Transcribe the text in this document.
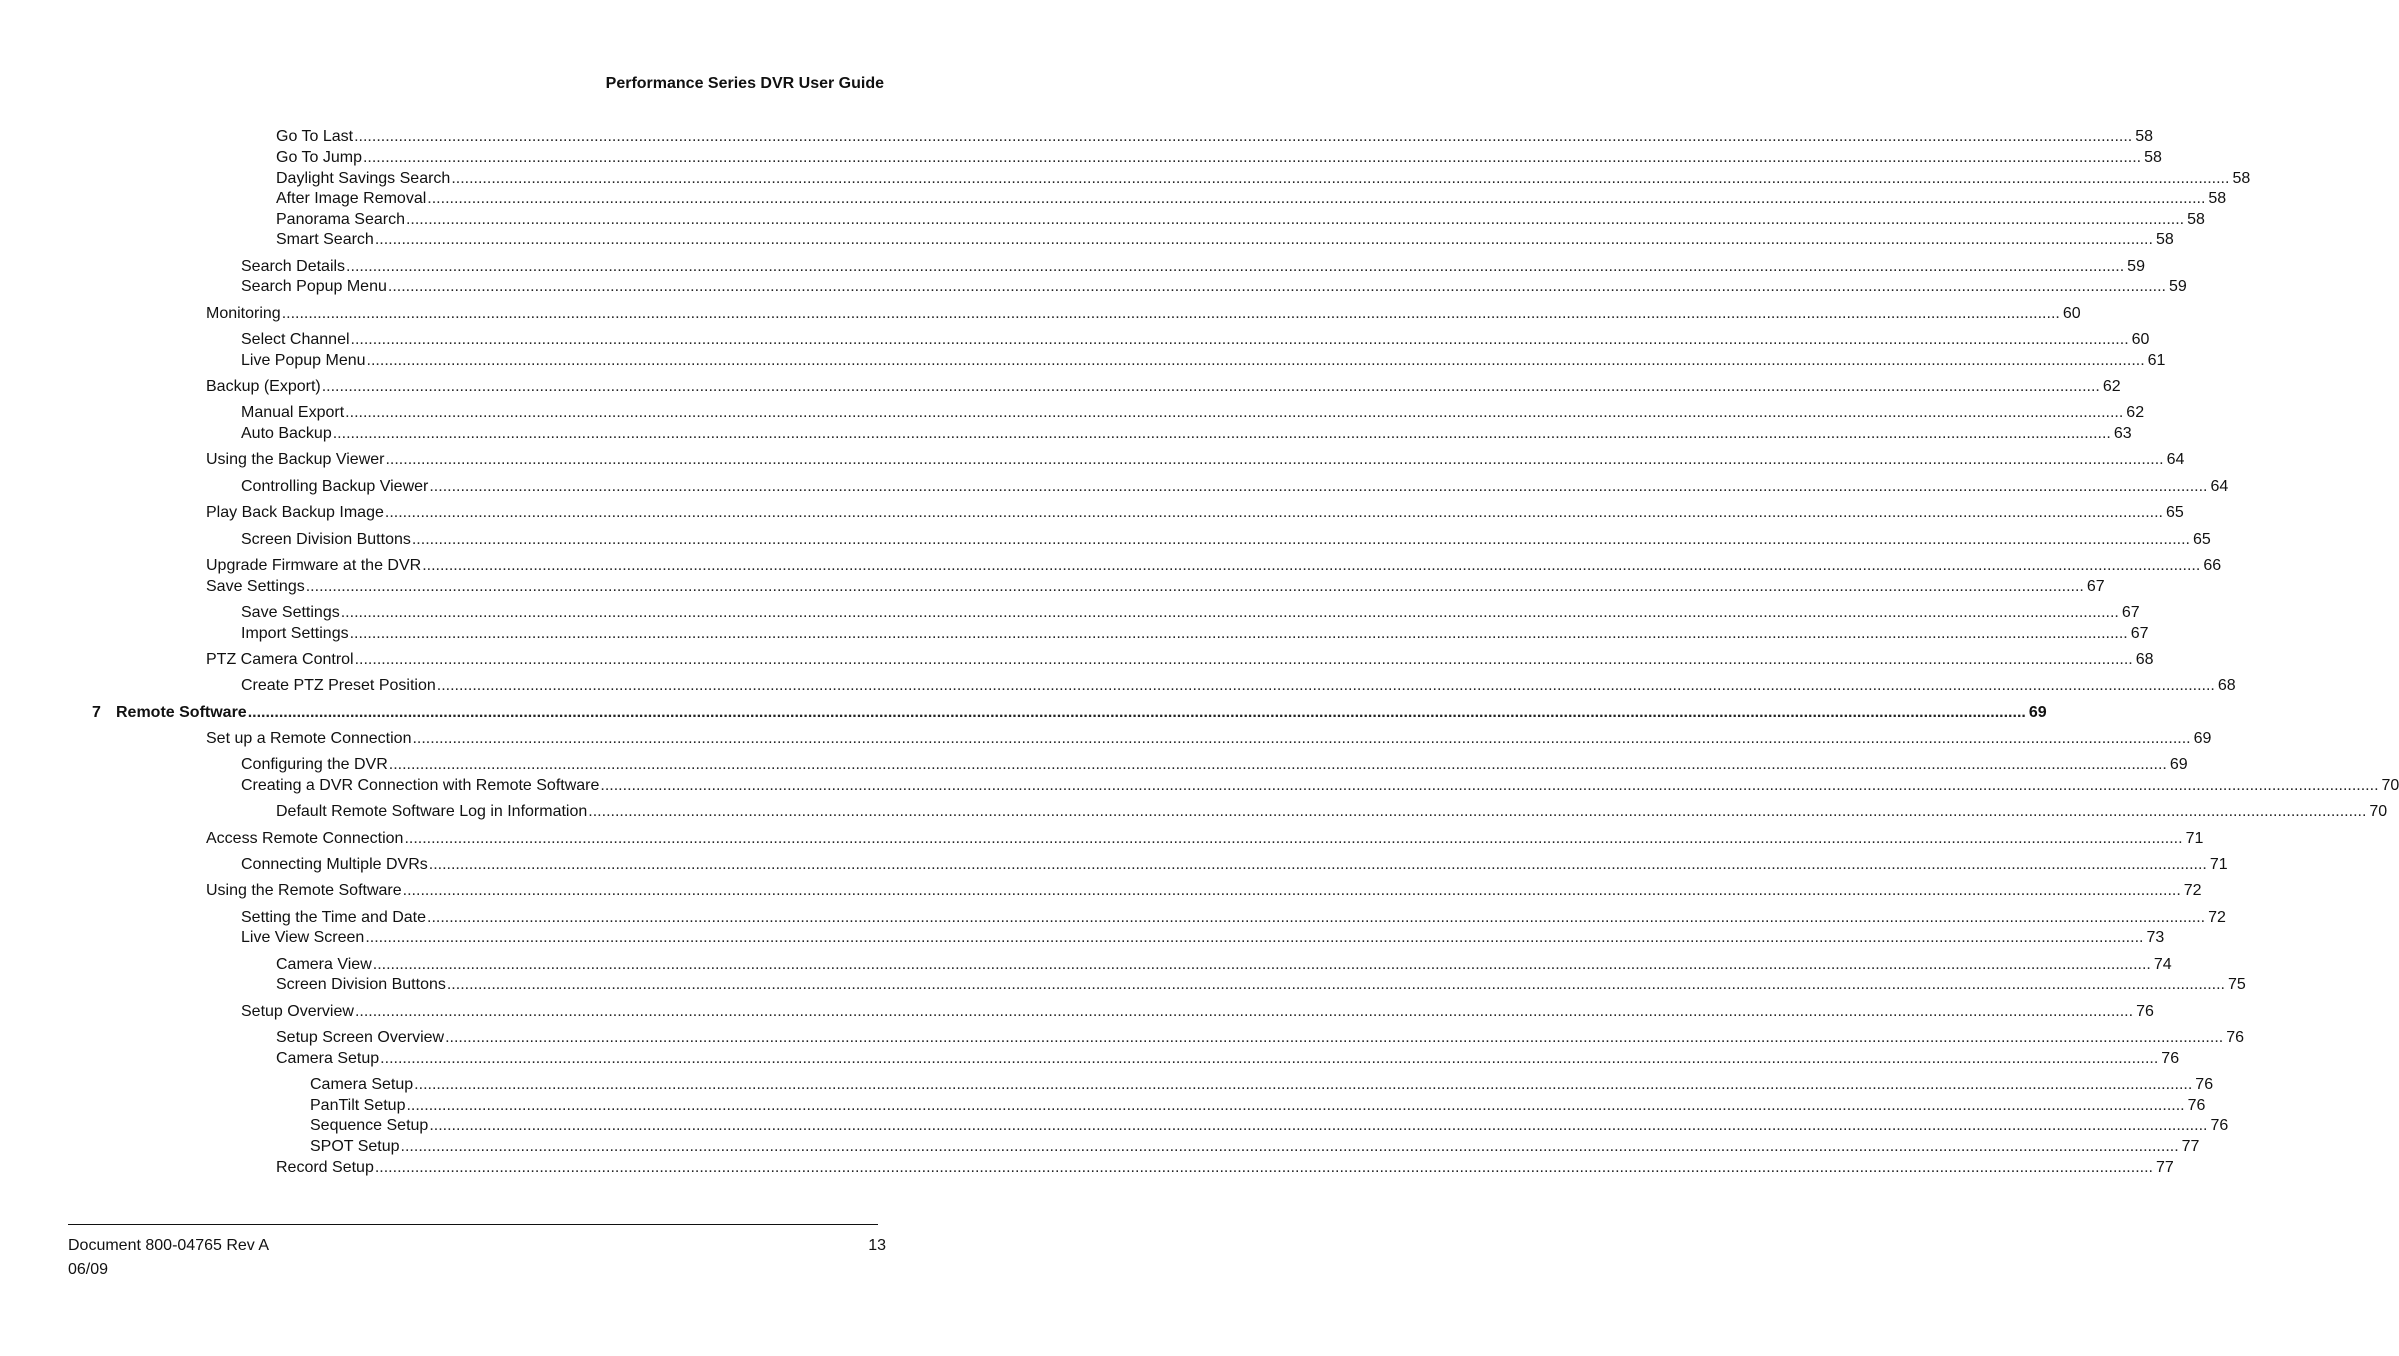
Performance Series DVR User Guide
Go To Last ................................................................................................................................................................................................................................................................................................................................................................................................................ 58
Go To Jump ................................................................................................................................................................................................................................................................................................................................................................................................................ 58
Daylight Savings Search ................................................................................................................................................................................................................................................................................................................................................................................................................ 58
After Image Removal ................................................................................................................................................................................................................................................................................................................................................................................................................ 58
Panorama Search ................................................................................................................................................................................................................................................................................................................................................................................................................ 58
Smart Search ................................................................................................................................................................................................................................................................................................................................................................................................................ 58
Search Details ................................................................................................................................................................................................................................................................................................................................................................................................................ 59
Search Popup Menu ................................................................................................................................................................................................................................................................................................................................................................................................................ 59
Monitoring ................................................................................................................................................................................................................................................................................................................................................................................................................ 60
Select Channel ................................................................................................................................................................................................................................................................................................................................................................................................................ 60
Live Popup Menu ................................................................................................................................................................................................................................................................................................................................................................................................................ 61
Backup (Export) ................................................................................................................................................................................................................................................................................................................................................................................................................ 62
Manual Export ................................................................................................................................................................................................................................................................................................................................................................................................................ 62
Auto Backup ................................................................................................................................................................................................................................................................................................................................................................................................................ 63
Using the Backup Viewer ................................................................................................................................................................................................................................................................................................................................................................................................................ 64
Controlling Backup Viewer ................................................................................................................................................................................................................................................................................................................................................................................................................ 64
Play Back Backup Image ................................................................................................................................................................................................................................................................................................................................................................................................................ 65
Screen Division Buttons ................................................................................................................................................................................................................................................................................................................................................................................................................ 65
Upgrade Firmware at the DVR ................................................................................................................................................................................................................................................................................................................................................................................................................ 66
Save Settings ................................................................................................................................................................................................................................................................................................................................................................................................................ 67
Save Settings ................................................................................................................................................................................................................................................................................................................................................................................................................ 67
Import Settings ................................................................................................................................................................................................................................................................................................................................................................................................................ 67
PTZ Camera Control ................................................................................................................................................................................................................................................................................................................................................................................................................ 68
Create PTZ Preset Position ................................................................................................................................................................................................................................................................................................................................................................................................................ 68
7 Remote Software ................................................................................................................................................................................................................................................................................................................................................................................................................ 69
Set up a Remote Connection ................................................................................................................................................................................................................................................................................................................................................................................................................ 69
Configuring the DVR ................................................................................................................................................................................................................................................................................................................................................................................................................ 69
Creating a DVR Connection with Remote Software ................................................................................................................................................................................................................................................................................................................................................................................................................ 70
Default Remote Software Log in Information ................................................................................................................................................................................................................................................................................................................................................................................................................ 70
Access Remote Connection ................................................................................................................................................................................................................................................................................................................................................................................................................ 71
Connecting Multiple DVRs ................................................................................................................................................................................................................................................................................................................................................................................................................ 71
Using the Remote Software ................................................................................................................................................................................................................................................................................................................................................................................................................ 72
Setting the Time and Date ................................................................................................................................................................................................................................................................................................................................................................................................................ 72
Live View Screen ................................................................................................................................................................................................................................................................................................................................................................................................................ 73
Camera View ................................................................................................................................................................................................................................................................................................................................................................................................................ 74
Screen Division Buttons ................................................................................................................................................................................................................................................................................................................................................................................................................ 75
Setup Overview ................................................................................................................................................................................................................................................................................................................................................................................................................ 76
Setup Screen Overview ................................................................................................................................................................................................................................................................................................................................................................................................................ 76
Camera Setup ................................................................................................................................................................................................................................................................................................................................................................................................................ 76
Camera Setup ................................................................................................................................................................................................................................................................................................................................................................................................................ 76
PanTilt Setup ................................................................................................................................................................................................................................................................................................................................................................................................................ 76
Sequence Setup ................................................................................................................................................................................................................................................................................................................................................................................................................ 76
SPOT Setup ................................................................................................................................................................................................................................................................................................................................................................................................................ 77
Record Setup ................................................................................................................................................................................................................................................................................................................................................................................................................ 77
Document 800-04765 Rev A
06/09
13
